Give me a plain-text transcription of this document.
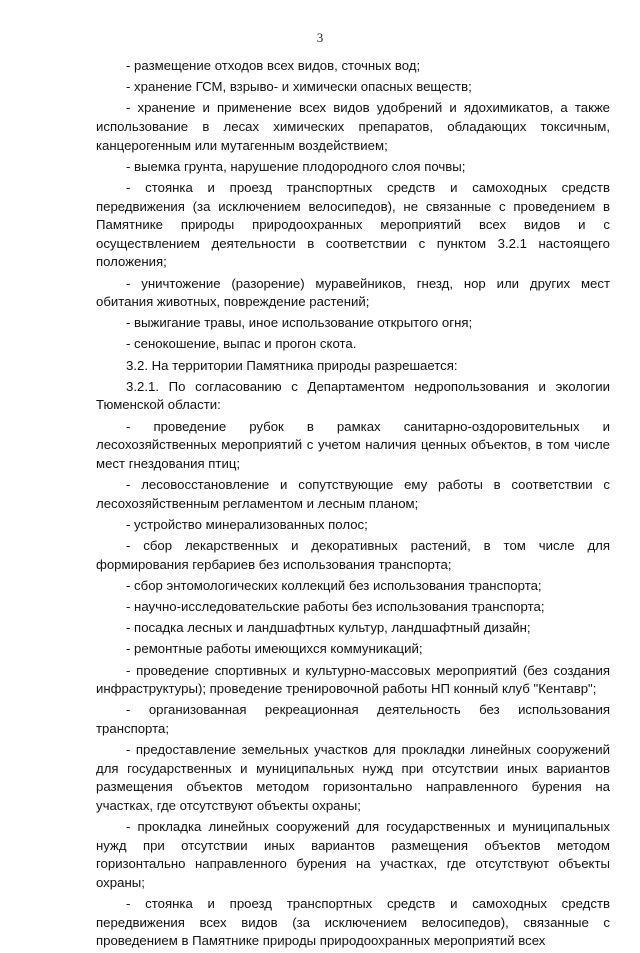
3

- размещение отходов всех видов, сточных вод;

- хранение ГСМ, взрыво- и химически опасных веществ;

- хранение и применение всех видов удобрений и ядохимикатов, а также использование в лесах химических препаратов, обладающих токсичным, канцерогенным или мутагенным воздействием;

- выемка грунта, нарушение плодородного слоя почвы;

- стоянка и проезд транспортных средств и самоходных средств передвижения (за исключением велосипедов), не связанные с проведением в Памятнике природы природоохранных мероприятий всех видов и с осуществлением деятельности в соответствии с пунктом 3.2.1 настоящего положения;

- уничтожение (разорение) муравейников, гнезд, нор или других мест обитания животных, повреждение растений;

- выжигание травы, иное использование открытого огня;

- сенокошение, выпас и прогон скота.

3.2. На территории Памятника природы разрешается:

3.2.1. По согласованию с Департаментом недропользования и экологии Тюменской области:

- проведение рубок в рамках санитарно-оздоровительных и лесохозяйственных мероприятий с учетом наличия ценных объектов, в том числе мест гнездования птиц;

- лесовосстановление и сопутствующие ему работы в соответствии с лесохозяйственным регламентом и лесным планом;

- устройство минерализованных полос;

- сбор лекарственных и декоративных растений, в том числе для формирования гербариев без использования транспорта;

- сбор энтомологических коллекций без использования транспорта;

- научно-исследовательские работы без использования транспорта;

- посадка лесных и ландшафтных культур, ландшафтный дизайн;

- ремонтные работы имеющихся коммуникаций;

- проведение спортивных и культурно-массовых мероприятий (без создания инфраструктуры); проведение тренировочной работы НП конный клуб "Кентавр";

- организованная рекреационная деятельность без использования транспорта;

- предоставление земельных участков для прокладки линейных сооружений для государственных и муниципальных нужд при отсутствии иных вариантов размещения объектов методом горизонтально направленного бурения на участках, где отсутствуют объекты охраны;

- прокладка линейных сооружений для государственных и муниципальных нужд при отсутствии иных вариантов размещения объектов методом горизонтально направленного бурения на участках, где отсутствуют объекты охраны;

- стоянка и проезд транспортных средств и самоходных средств передвижения всех видов (за исключением велосипедов), связанные с проведением в Памятнике природы природоохранных мероприятий всех
